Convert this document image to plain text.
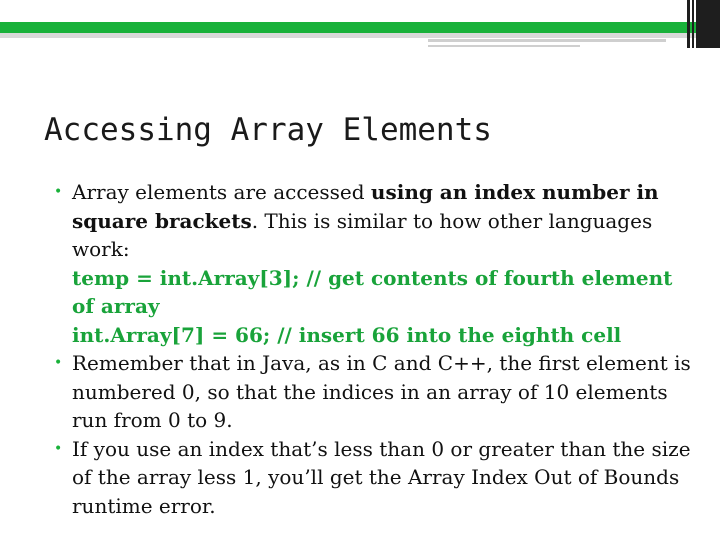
Accessing Array Elements

• Array elements are accessed using an index number in square brackets. This is similar to how other languages work:
temp = int.Array[3]; // get contents of fourth element of array
int.Array[7] = 66; // insert 66 into the eighth cell

• Remember that in Java, as in C and C++, the first element is numbered 0, so that the indices in an array of 10 elements run from 0 to 9.

• If you use an index that’s less than 0 or greater than the size of the array less 1, you’ll get the Array Index Out of Bounds runtime error.
